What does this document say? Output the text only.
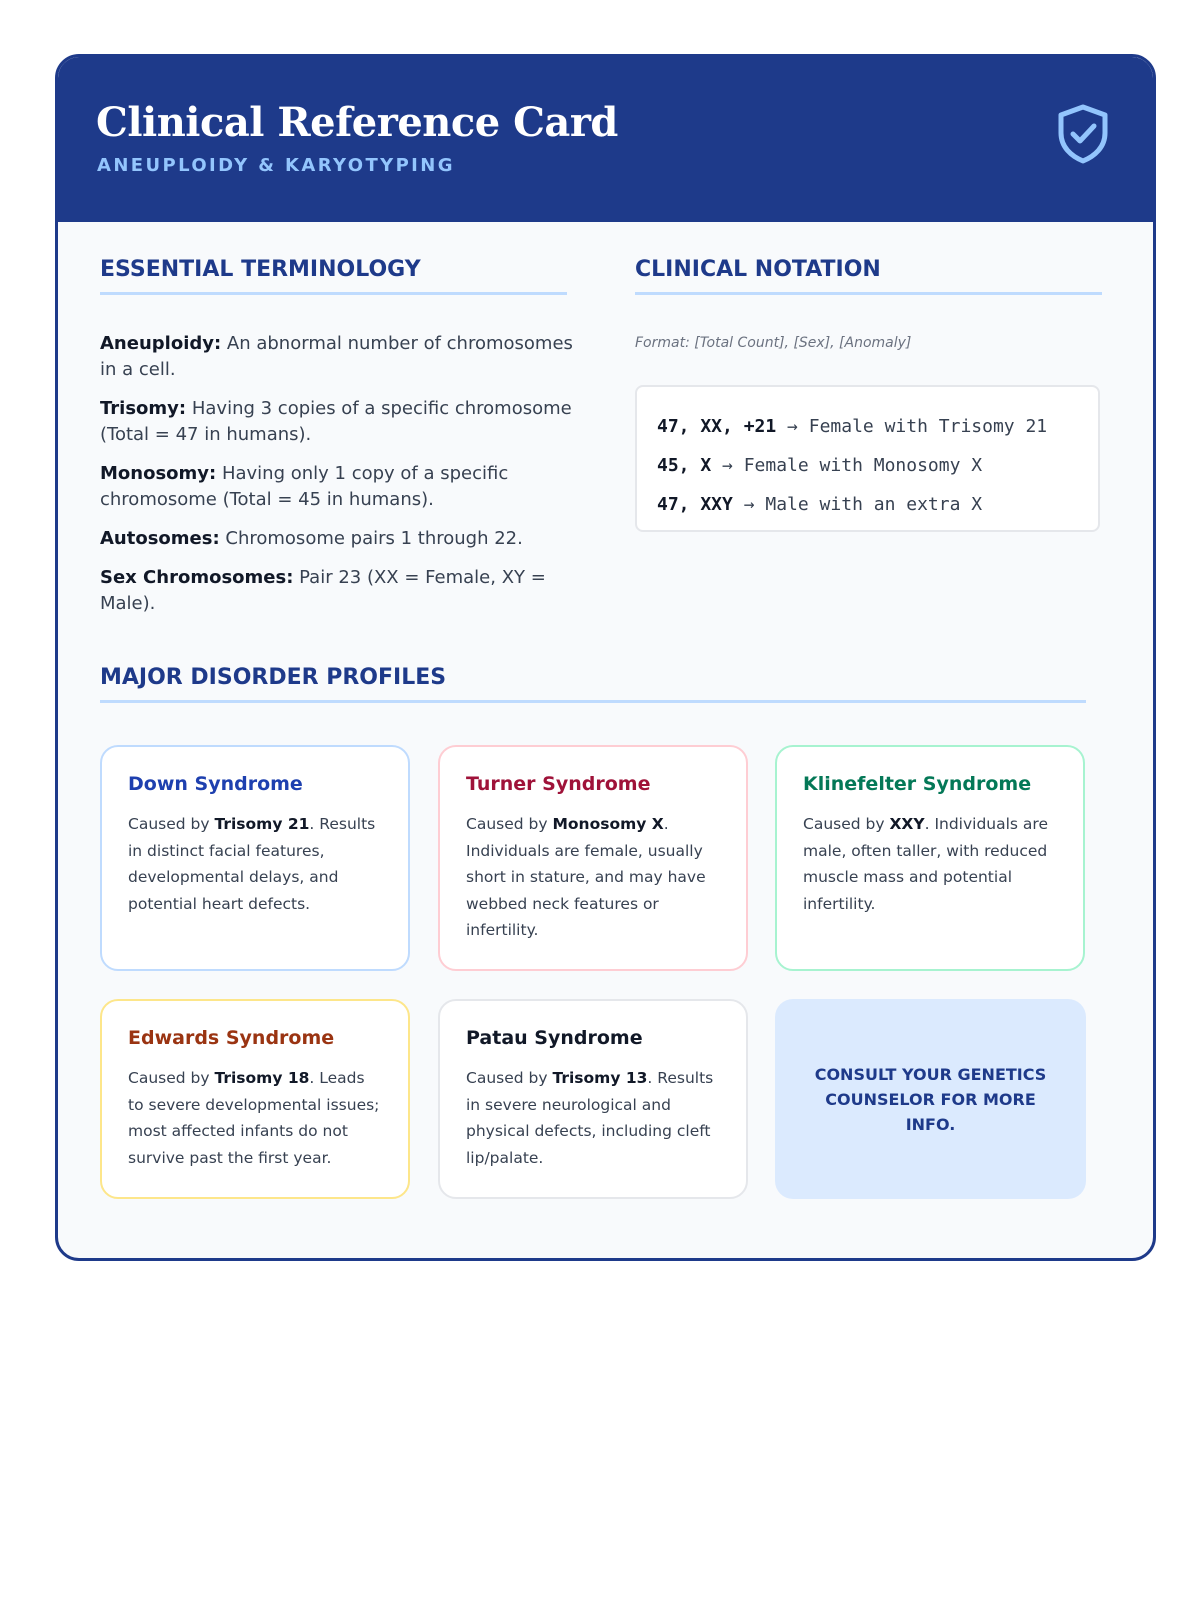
Clinical Reference Card
ANEUPLOIDY & KARYOTYPING
ESSENTIAL TERMINOLOGY

Aneuploidy: An abnormal number of chromosomes in a cell.

Trisomy: Having 3 copies of a specific chromosome (Total = 47 in humans).

Monosomy: Having only 1 copy of a specific chromosome (Total = 45 in humans).

Autosomes: Chromosome pairs 1 through 22.

Sex Chromosomes: Pair 23 (XX = Female, XY = Male).

CLINICAL NOTATION
Format: [Total Count], [Sex], [Anomaly]
47, XX, +21 → Female with Trisomy 21
45, X → Female with Monosomy X
47, XXY → Male with an extra X
MAJOR DISORDER PROFILES
Down Syndrome

Caused by Trisomy 21. Results in distinct facial features, developmental delays, and potential heart defects.

Turner Syndrome

Caused by Monosomy X. Individuals are female, usually short in stature, and may have webbed neck features or infertility.

Klinefelter Syndrome

Caused by XXY. Individuals are male, often taller, with reduced muscle mass and potential infertility.

Edwards Syndrome

Caused by Trisomy 18. Leads to severe developmental issues; most affected infants do not survive past the first year.

Patau Syndrome

Caused by Trisomy 13. Results in severe neurological and physical defects, including cleft lip/palate.

CONSULT YOUR GENETICS COUNSELOR FOR MORE INFO.
